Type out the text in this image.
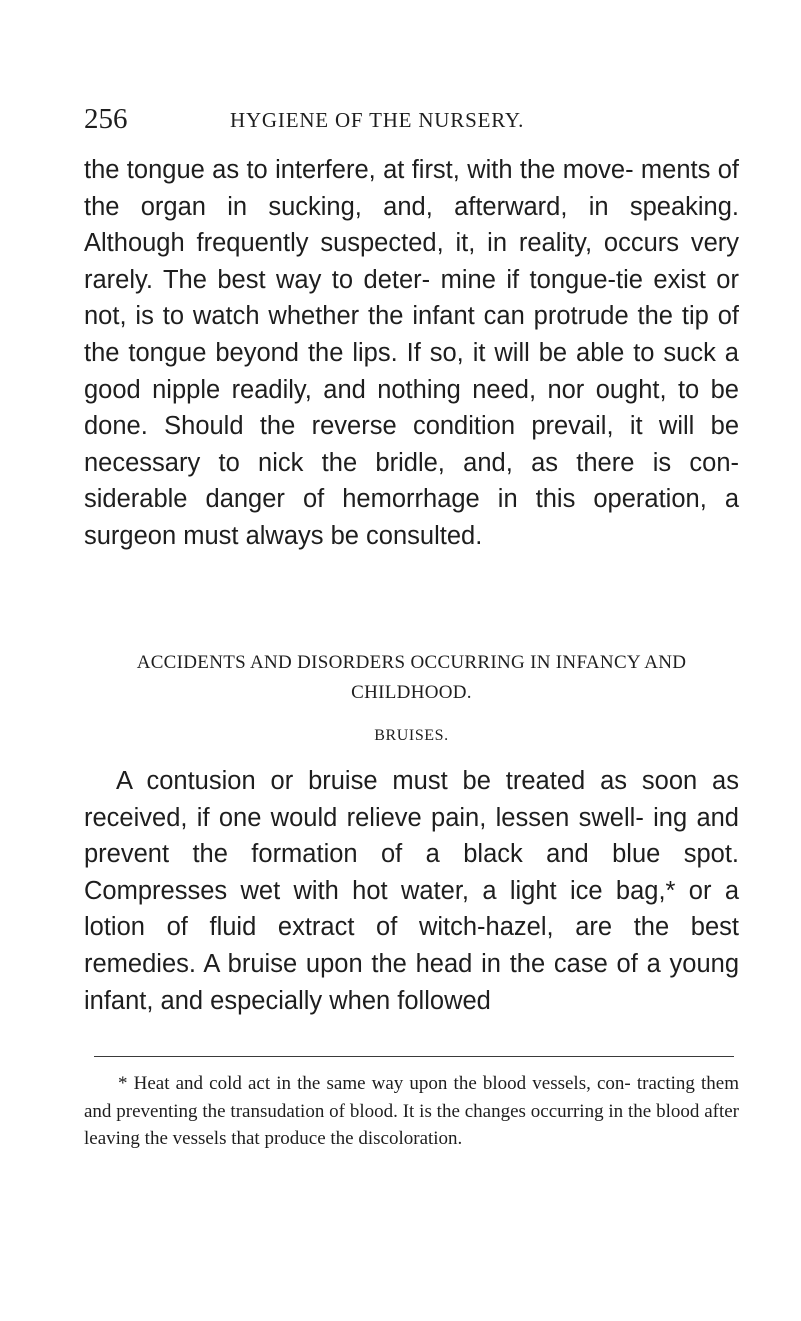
256	HYGIENE OF THE NURSERY.

the tongue as to interfere, at first, with the move- ments of the organ in sucking, and, afterward, in speaking. Although frequently suspected, it, in reality, occurs very rarely. The best way to deter- mine if tongue-tie exist or not, is to watch whether the infant can protrude the tip of the tongue beyond the lips. If so, it will be able to suck a good nipple readily, and nothing need, nor ought, to be done. Should the reverse condition prevail, it will be necessary to nick the bridle, and, as there is con- siderable danger of hemorrhage in this operation, a surgeon must always be consulted.

ACCIDENTS AND DISORDERS OCCURRING IN INFANCY AND CHILDHOOD.

BRUISES.

A contusion or bruise must be treated as soon as received, if one would relieve pain, lessen swell- ing and prevent the formation of a black and blue spot. Compresses wet with hot water, a light ice bag,* or a lotion of fluid extract of witch-hazel, are the best remedies. A bruise upon the head in the case of a young infant, and especially when followed

* Heat and cold act in the same way upon the blood vessels, con- tracting them and preventing the transudation of blood. It is the changes occurring in the blood after leaving the vessels that produce the discoloration.
